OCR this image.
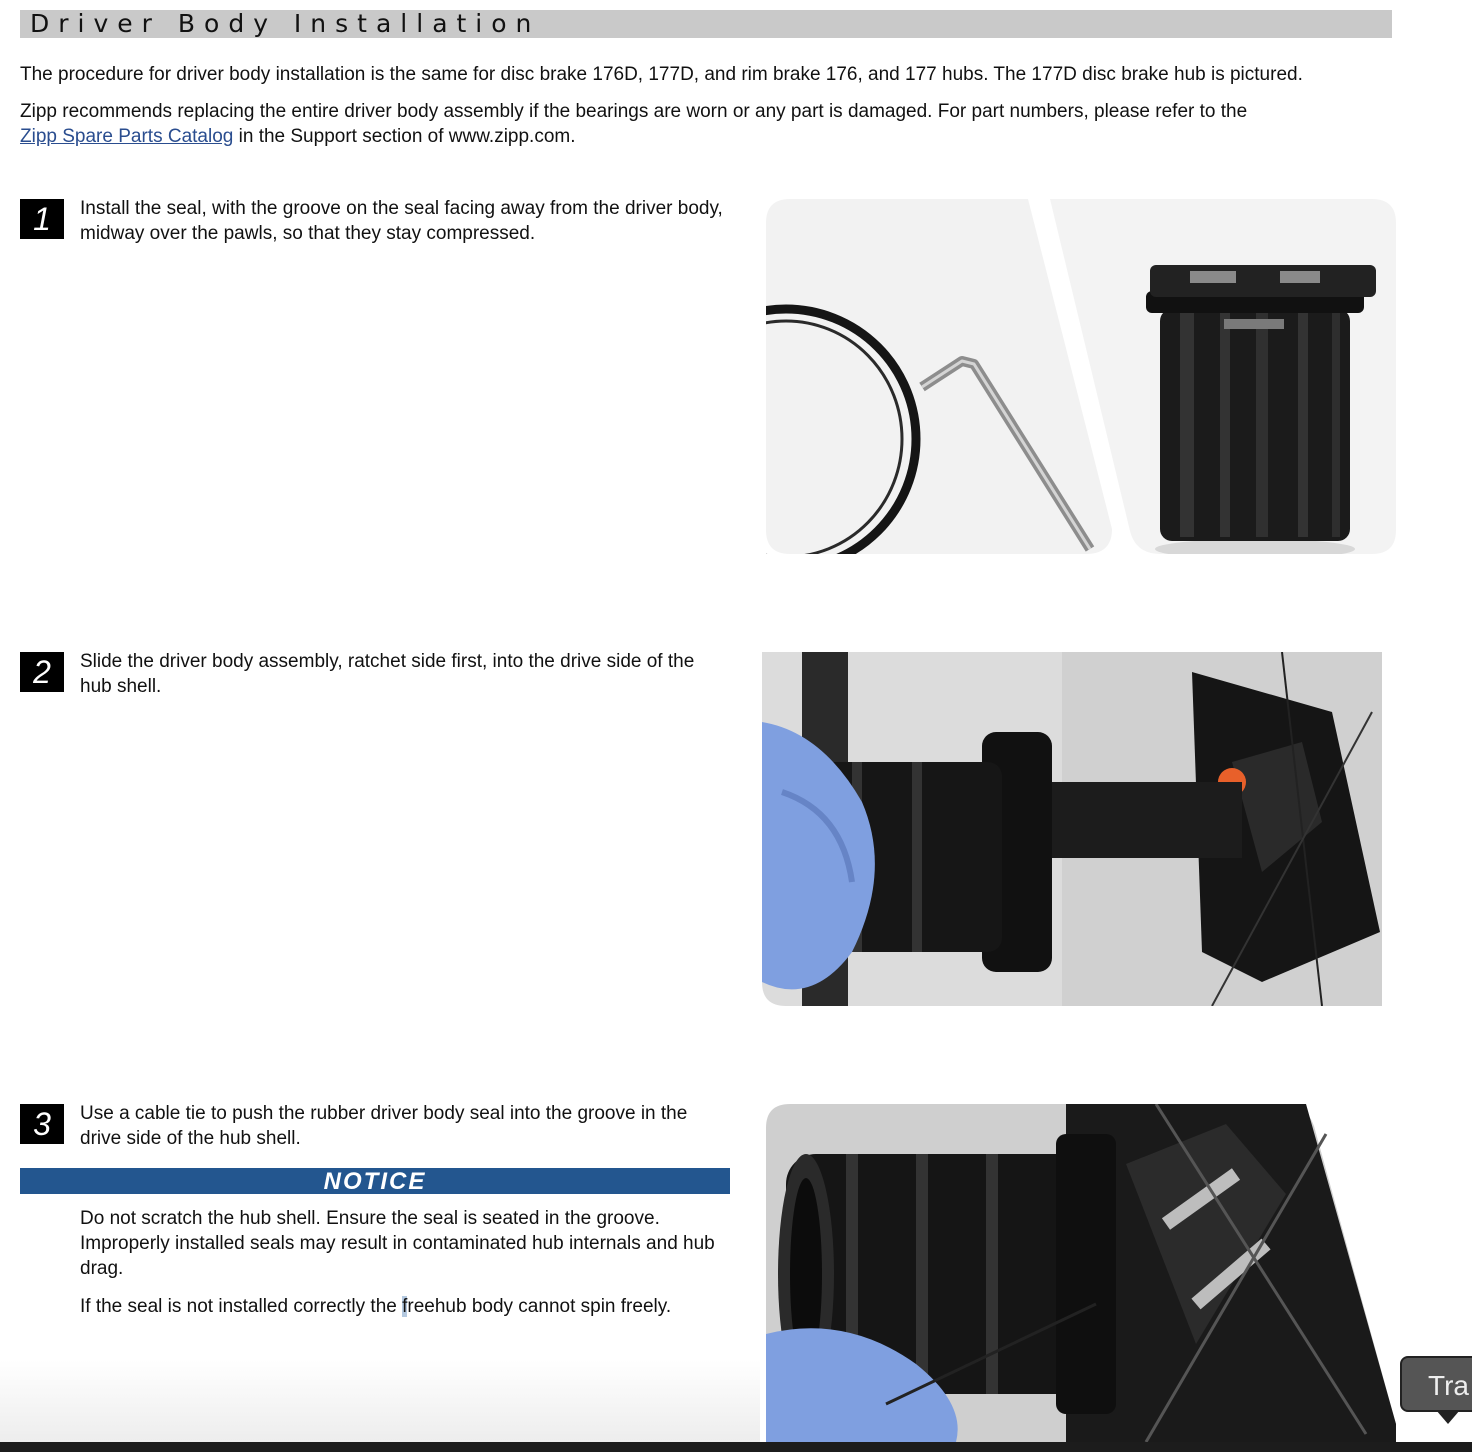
Driver Body Installation

The procedure for driver body installation is the same for disc brake 176D, 177D, and rim brake 176, and 177 hubs. The 177D disc brake hub is pictured.

Zipp recommends replacing the entire driver body assembly if the bearings are worn or any part is damaged. For part numbers, please refer to the
Zipp Spare Parts Catalog in the Support section of www.zipp.com.

1	Install the seal, with the groove on the seal facing away from the driver body, midway over the pawls, so that they stay compressed.
2	Slide the driver body assembly, ratchet side first, into the drive side of the hub shell.
3	Use a cable tie to push the rubber driver body seal into the groove in the drive side of the hub shell.
NOTICE

Do not scratch the hub shell. Ensure the seal is seated in the groove. Improperly installed seals may result in contaminated hub internals and hub drag.

If the seal is not installed correctly the freehub body cannot spin freely.

Tra
